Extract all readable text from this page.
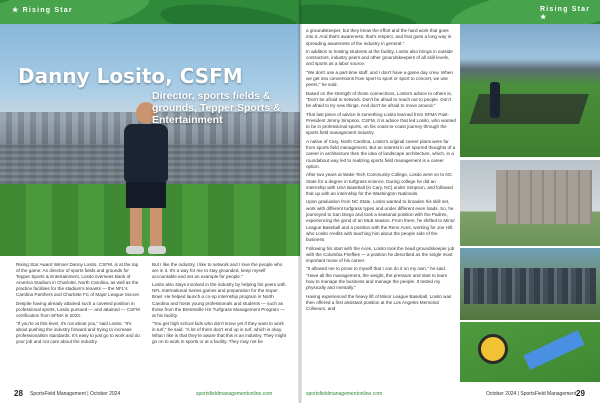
★ Rising Star
Danny Losito, CSFM
Director, sports fields & grounds, Tepper Sports & Entertainment

Rising Star Award Winner Danny Losito, CSFM, is at the top of the game. As director of sports fields and grounds for Tepper Sports & Entertainment, Losito oversees Bank of America Stadium in Charlotte, North Carolina, as well as the practice facilities for the stadium's tenants — the NFL's Carolina Panthers and Charlotte FC of Major League Soccer.

Despite having already attained such a coveted position in professional sports, Losito pursued — and attained — CSFM certification from SFMA in 2023.

"If you're at this level, it's not about you," said Losito. "It's about pushing the industry forward and trying to increase professionalism standards. It's easy to just go to work and do your job and not care about the industry.

But I like the industry, I like to network and I love the people who are in it. It's a way for me to stay grounded, keep myself accountable and set an example for people."

Losito also stays involved in the industry by helping his peers with NFL International Series games and preparation for the Super Bowl. He helped launch a co-op internship program in North Carolina and hosts young professionals and students — such as those from the Brentsville HS Turfgrass Management Program — at his facility.

"You get high school kids who don't know yet if they want to work in turf," he said. "A lot of them don't end up in turf, which is okay. What I like is that they're aware that this is an industry. They might go on to work in sports or at a facility. They may not be

28 SportsField Management | October 2024	sportsfieldmanagementonline.com
Rising Star ★

a groundskeeper, but they know the effort and the hard work that goes into it. And that's awareness; that's respect, and that goes a long way in spreading awareness of the industry in general."

In addition to hosting students at the facility, Losito also brings in outside contractors, industry peers and other groundskeepers of all skill levels, and sports as a labor source.

"We don't use a part-time staff, and I don't have a game day crew. When we get into conversions from sport to sport or sport to concert, we use peers," he said.

Based on the strength of those connections, Losito's advice to others is, "Don't be afraid to network. Don't be afraid to reach out to people. Don't be afraid to try new things. And don't be afraid to move around."

That last piece of advice is something Losito learned from SFMA Past-President Jimmy Simpson, CSFM. It is advice that led Losito, who wanted to be in professional sports, on his coast-to-coast journey through the sports field management industry.

A native of Cary, North Carolina, Losito's original career plans were far from sports field management. But an interest in art spurred thoughts of a career in architecture then the idea of landscape architecture, which, in a roundabout way led to realizing sports field management is a career option.

After two years at Wake Tech Community College, Losito went on to NC State for a degree in turfgrass science. During college he did an internship with USA Baseball (in Cary, NC) under Simpson, and followed that up with an internship for the Washington Nationals.

Upon graduation from NC State, Losito wanted to broaden his skill set, work with different turfgrass types and under different even loads. So, he journeyed to San Diego and took a seasonal position with the Padres, experiencing the grind of an MLB season. From there, he shifted to Minor League Baseball and a position with the Reno Aces, working for Joe Hill, who Losito credits with teaching him about the people side of the business.

Following his start with the Aces, Losito took the head groundskeeper job with the Columbia Fireflies — a position he described as the single most important move of his career.

"It allowed me to prove to myself that I can do it on my own," he said. "Have all the management, the weight, the pressure and start to learn how to manage the business and manage the people. It tested my physically and mentally."

Having experienced the heavy lift of Minor League Baseball, Losito was then offered a first assistant position at the Los Angeles Memorial Coliseum, and

sportsfieldmanagementonline.com	October 2024 | SportsField Management 29
